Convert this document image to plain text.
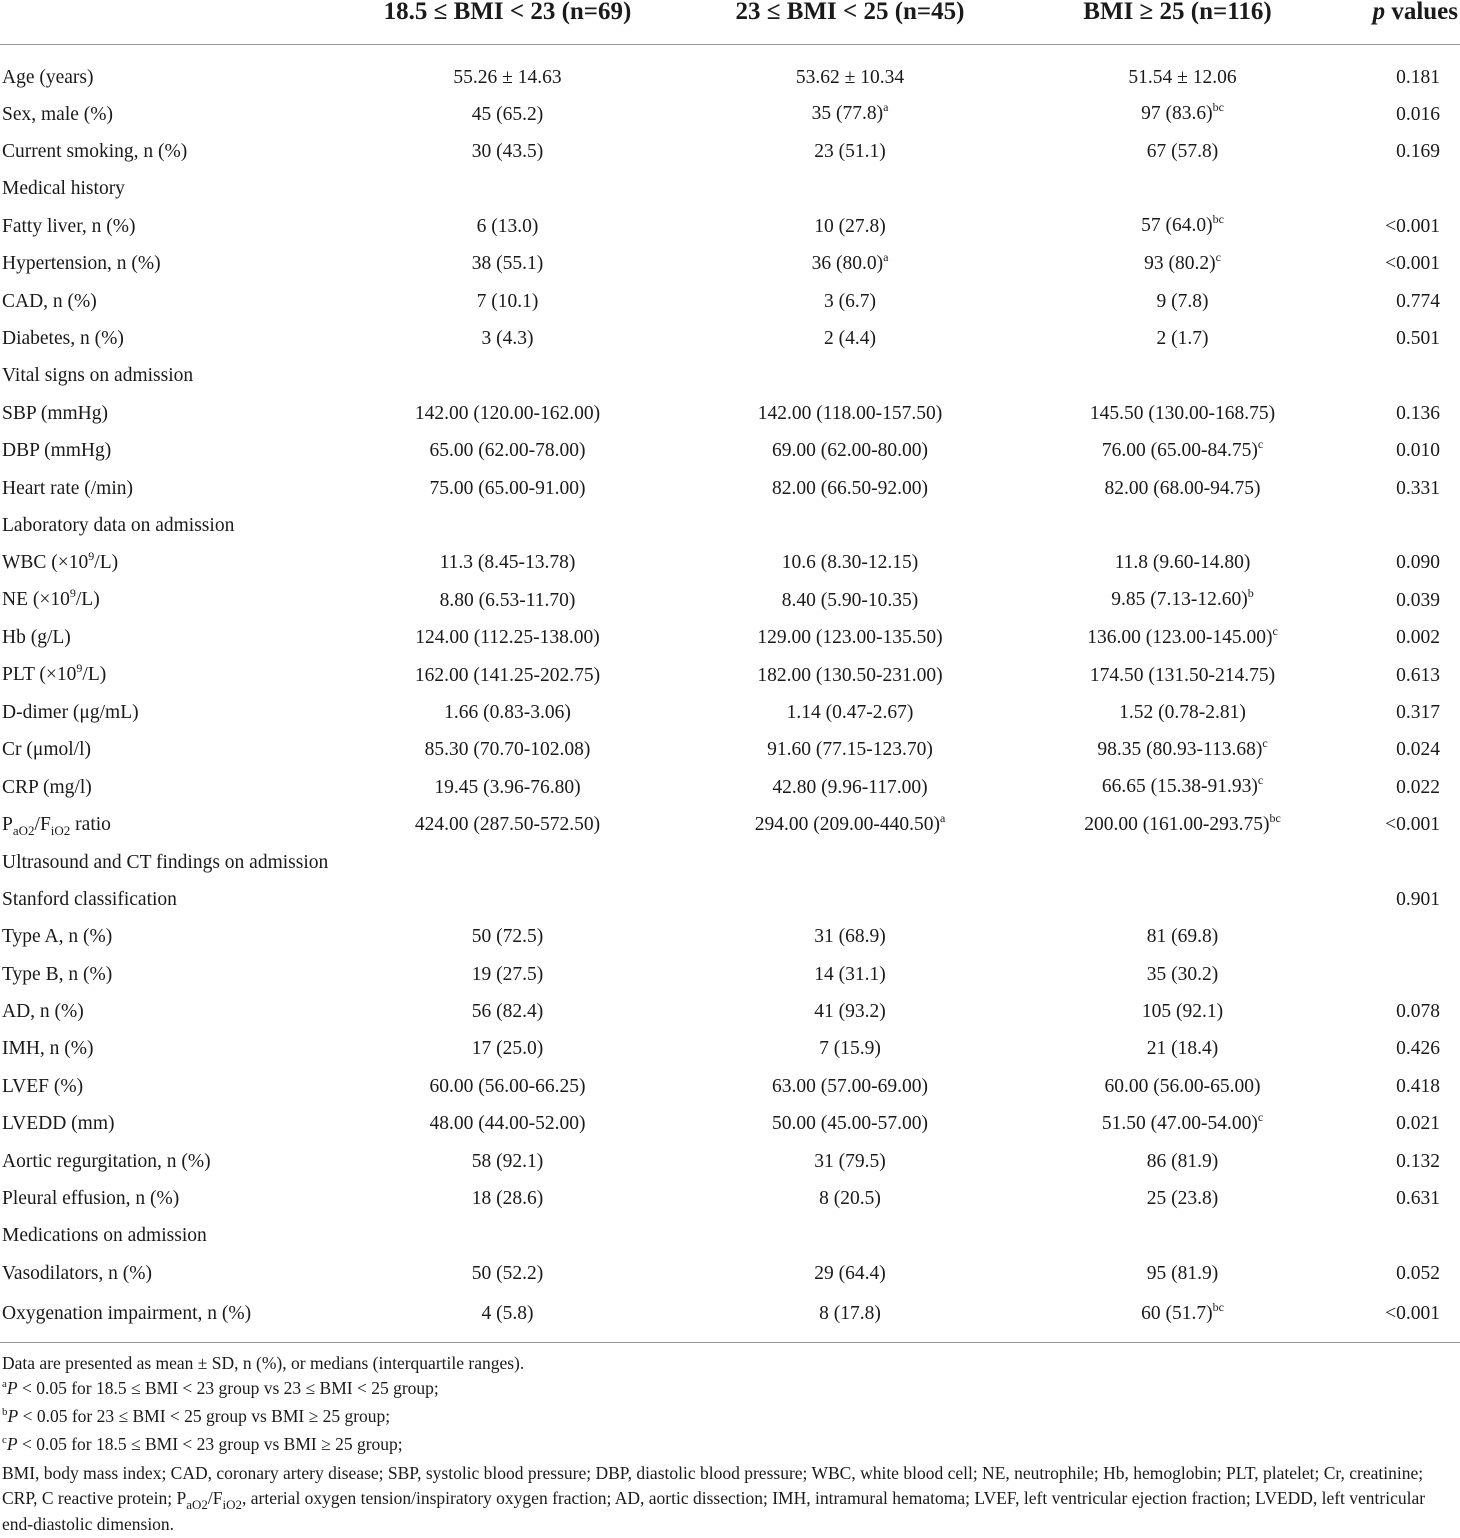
	18.5 ≤ BMI < 23 (n=69)	23 ≤ BMI < 25 (n=45)	BMI ≥ 25 (n=116)	p values
Age (years)	55.26 ± 14.63	53.62 ± 10.34	51.54 ± 12.06	0.181
Sex, male (%)	45 (65.2)	35 $(77.8)^a$	97 $(83.6)^{bc}$	0.016
Current smoking, n (%)	30 (43.5)	23 (51.1)	67 (57.8)	0.169
Medical history				
Fatty liver, n (%)	6 (13.0)	10 (27.8)	57 $(64.0)^{bc}$	<0.001
Hypertension, n (%)	38 (55.1)	36 $(80.0)^a$	93 $(80.2)^c$	<0.001
CAD, n (%)	7 (10.1)	3 (6.7)	9 (7.8)	0.774
Diabetes, n (%)	3 (4.3)	2 (4.4)	2 (1.7)	0.501
Vital signs on admission				
SBP (mmHg)	142.00 (120.00-162.00)	142.00 (118.00-157.50)	145.50 (130.00-168.75)	0.136
DBP (mmHg)	65.00 (62.00-78.00)	69.00 (62.00-80.00)	76.00 $(65.00-84.75)^c$	0.010
Heart rate (/min)	75.00 (65.00-91.00)	82.00 (66.50-92.00)	82.00 (68.00-94.75)	0.331
Laboratory data on admission				
WBC $(\times 10^9/L)$	11.3 (8.45-13.78)	10.6 (8.30-12.15)	11.8 (9.60-14.80)	0.090
NE $(\times 10^9/L)$	8.80 (6.53-11.70)	8.40 (5.90-10.35)	9.85 $(7.13-12.60)^b$	0.039
Hb (g/L)	124.00 (112.25-138.00)	129.00 (123.00-135.50)	136.00 $(123.00-145.00)^c$	0.002
PLT $(\times 10^9/L)$	162.00 (141.25-202.75)	182.00 (130.50-231.00)	174.50 (131.50-214.75)	0.613
D-dimer (μg/mL)	1.66 (0.83-3.06)	1.14 (0.47-2.67)	1.52 (0.78-2.81)	0.317
Cr (μmol/l)	85.30 (70.70-102.08)	91.60 (77.15-123.70)	98.35 $(80.93-113.68)^c$	0.024
CRP (mg/l)	19.45 (3.96-76.80)	42.80 (9.96-117.00)	66.65 $(15.38-91.93)^c$	0.022
$P_{aO2}/F_{iO2}$ ratio	424.00 (287.50-572.50)	294.00 $(209.00-440.50)^a$	200.00 $(161.00-293.75)^{bc}$	<0.001
Ultrasound and CT findings on admission				
Stanford classification				0.901
Type A, n (%)	50 (72.5)	31 (68.9)	81 (69.8)	
Type B, n (%)	19 (27.5)	14 (31.1)	35 (30.2)	
AD, n (%)	56 (82.4)	41 (93.2)	105 (92.1)	0.078
IMH, n (%)	17 (25.0)	7 (15.9)	21 (18.4)	0.426
LVEF (%)	60.00 (56.00-66.25)	63.00 (57.00-69.00)	60.00 (56.00-65.00)	0.418
LVEDD (mm)	48.00 (44.00-52.00)	50.00 (45.00-57.00)	51.50 $(47.00-54.00)^c$	0.021
Aortic regurgitation, n (%)	58 (92.1)	31 (79.5)	86 (81.9)	0.132
Pleural effusion, n (%)	18 (28.6)	8 (20.5)	25 (23.8)	0.631
Medications on admission				
Vasodilators, n (%)	50 (52.2)	29 (64.4)	95 (81.9)	0.052
Oxygenation impairment, n (%)	4 (5.8)	8 (17.8)	60 $(51.7)^{bc}$	<0.001
Data are presented as mean ± SD, n (%), or medians (interquartile ranges).
$^a$P < 0.05 for 18.5 ≤ BMI < 23 group vs 23 ≤ BMI < 25 group;
$^b$P < 0.05 for 23 ≤ BMI < 25 group vs BMI ≥ 25 group;
$^c$P < 0.05 for 18.5 ≤ BMI < 23 group vs BMI ≥ 25 group;
BMI, body mass index; CAD, coronary artery disease; SBP, systolic blood pressure; DBP, diastolic blood pressure; WBC, white blood cell; NE, neutrophile; Hb, hemoglobin; PLT, platelet; Cr, creatinine; CRP, C reactive protein; $P_{aO2}/F_{iO2}$, arterial oxygen tension/inspiratory oxygen fraction; AD, aortic dissection; IMH, intramural hematoma; LVEF, left ventricular ejection fraction; LVEDD, left ventricular end-diastolic dimension.
